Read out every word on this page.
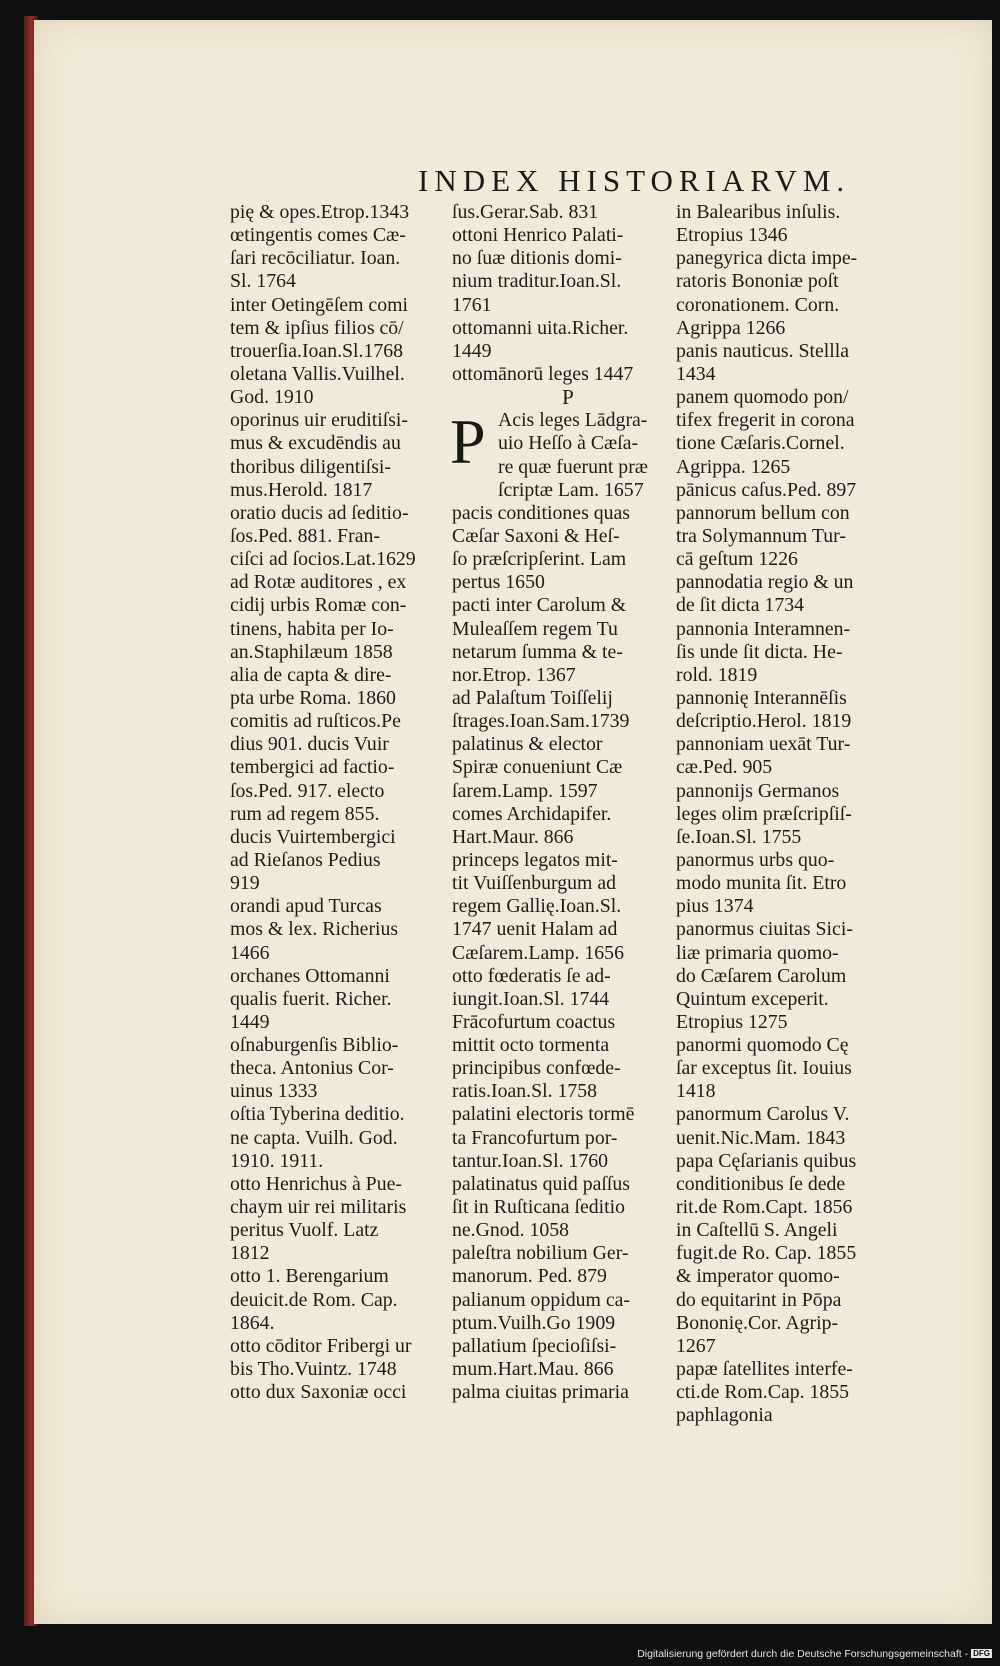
INDEX HISTORIARVM.
pię & opes.Etrop.1343
œtingentis comes Cæ-
ſari recōciliatur. Ioan.
Sl. 1764
inter Oetingēſem comi
tem & ipſius filios cō/
trouerſia.Ioan.Sl.1768
oletana Vallis.Vuilhel.
God. 1910
oporinus uir eruditiſsi-
mus & excudēndis au
thoribus diligentiſsi-
mus.Herold. 1817
oratio ducis ad ſeditio-
ſos.Ped. 881. Fran-
ciſci ad ſocios.Lat.1629
ad Rotæ auditores , ex
cidij urbis Romæ con-
tinens, habita per Io-
an.Staphilæum 1858
alia de capta & dire-
pta urbe Roma. 1860
comitis ad ruſticos.Pe
dius 901. ducis Vuir
tembergici ad factio-
ſos.Ped. 917. electo
rum ad regem 855.
ducis Vuirtembergici
ad Rieſanos Pedius
919
orandi apud Turcas
mos & lex. Richerius
1466
orchanes Ottomanni
qualis fuerit. Richer.
1449
oſnaburgenſis Biblio-
theca. Antonius Cor-
uinus 1333
oſtia Tyberina deditio.
ne capta. Vuilh. God.
1910. 1911.
otto Henrichus à Pue-
chaym uir rei militaris
peritus Vuolf. Latz
1812
otto 1. Berengarium
deuicit.de Rom. Cap.
1864.
otto cōditor Fribergi ur
bis Tho.Vuintz. 1748
otto dux Saxoniæ occi
ſus.Gerar.Sab. 831
ottoni Henrico Palati-
no ſuæ ditionis domi-
nium traditur.Ioan.Sl.
1761
ottomanni uita.Richer.
1449
ottomānorū leges 1447
P
Acis leges Lādgra-
P uio Heſſo à Cæſa-
re quæ fuerunt præ
ſcriptæ Lam. 1657
pacis conditiones quas
Cæſar Saxoni & Heſ-
ſo præſcripſerint. Lam
pertus 1650
pacti inter Carolum &
Muleaſſem regem Tu
netarum ſumma & te-
nor.Etrop. 1367
ad Palaſtum Toiſſelij
ſtrages.Ioan.Sam.1739
palatinus & elector
Spiræ conueniunt Cæ
ſarem.Lamp. 1597
comes Archidapifer.
Hart.Maur. 866
princeps legatos mit-
tit Vuiſſenburgum ad
regem Gallię.Ioan.Sl.
1747 uenit Halam ad
Cæſarem.Lamp. 1656
otto fœderatis ſe ad-
iungit.Ioan.Sl. 1744
Frācofurtum coactus
mittit octo tormenta
principibus confœde-
ratis.Ioan.Sl. 1758
palatini electoris tormē
ta Francofurtum por-
tantur.Ioan.Sl. 1760
palatinatus quid paſſus
ſit in Ruſticana ſeditio
ne.Gnod. 1058
paleſtra nobilium Ger-
manorum. Ped. 879
palianum oppidum ca-
ptum.Vuilh.Go 1909
pallatium ſpecioſiſsi-
mum.Hart.Mau. 866
palma ciuitas primaria
in Balearibus inſulis.
Etropius 1346
panegyrica dicta impe-
ratoris Bononiæ poſt
coronationem. Corn.
Agrippa 1266
panis nauticus. Stellla
1434
panem quomodo pon/
tifex fregerit in corona
tione Cæſaris.Cornel.
Agrippa. 1265
pānicus caſus.Ped. 897
pannorum bellum con
tra Solymannum Tur-
cā geſtum 1226
pannodatia regio & un
de ſit dicta 1734
pannonia Interamnen-
ſis unde ſit dicta. He-
rold. 1819
pannonię Interannēſis
deſcriptio.Herol. 1819
pannoniam uexāt Tur-
cæ.Ped. 905
pannonijs Germanos
leges olim præſcripſiſ-
ſe.Ioan.Sl. 1755
panormus urbs quo-
modo munita ſit. Etro
pius 1374
panormus ciuitas Sici-
liæ primaria quomo-
do Cæſarem Carolum
Quintum exceperit.
Etropius 1275
panormi quomodo Cę
ſar exceptus ſit. Iouius
1418
panormum Carolus V.
uenit.Nic.Mam. 1843
papa Cęſarianis quibus
conditionibus ſe dede
rit.de Rom.Capt. 1856
in Caſtellū S. Angeli
fugit.de Ro. Cap. 1855
& imperator quomo-
do equitarint in Pōpa
Bononię.Cor. Agrip-
1267
papæ ſatellites interfe-
cti.de Rom.Cap. 1855
paphlagonia
Digitalisierung gefördert durch die Deutsche Forschungsgemeinschaft - DFG
